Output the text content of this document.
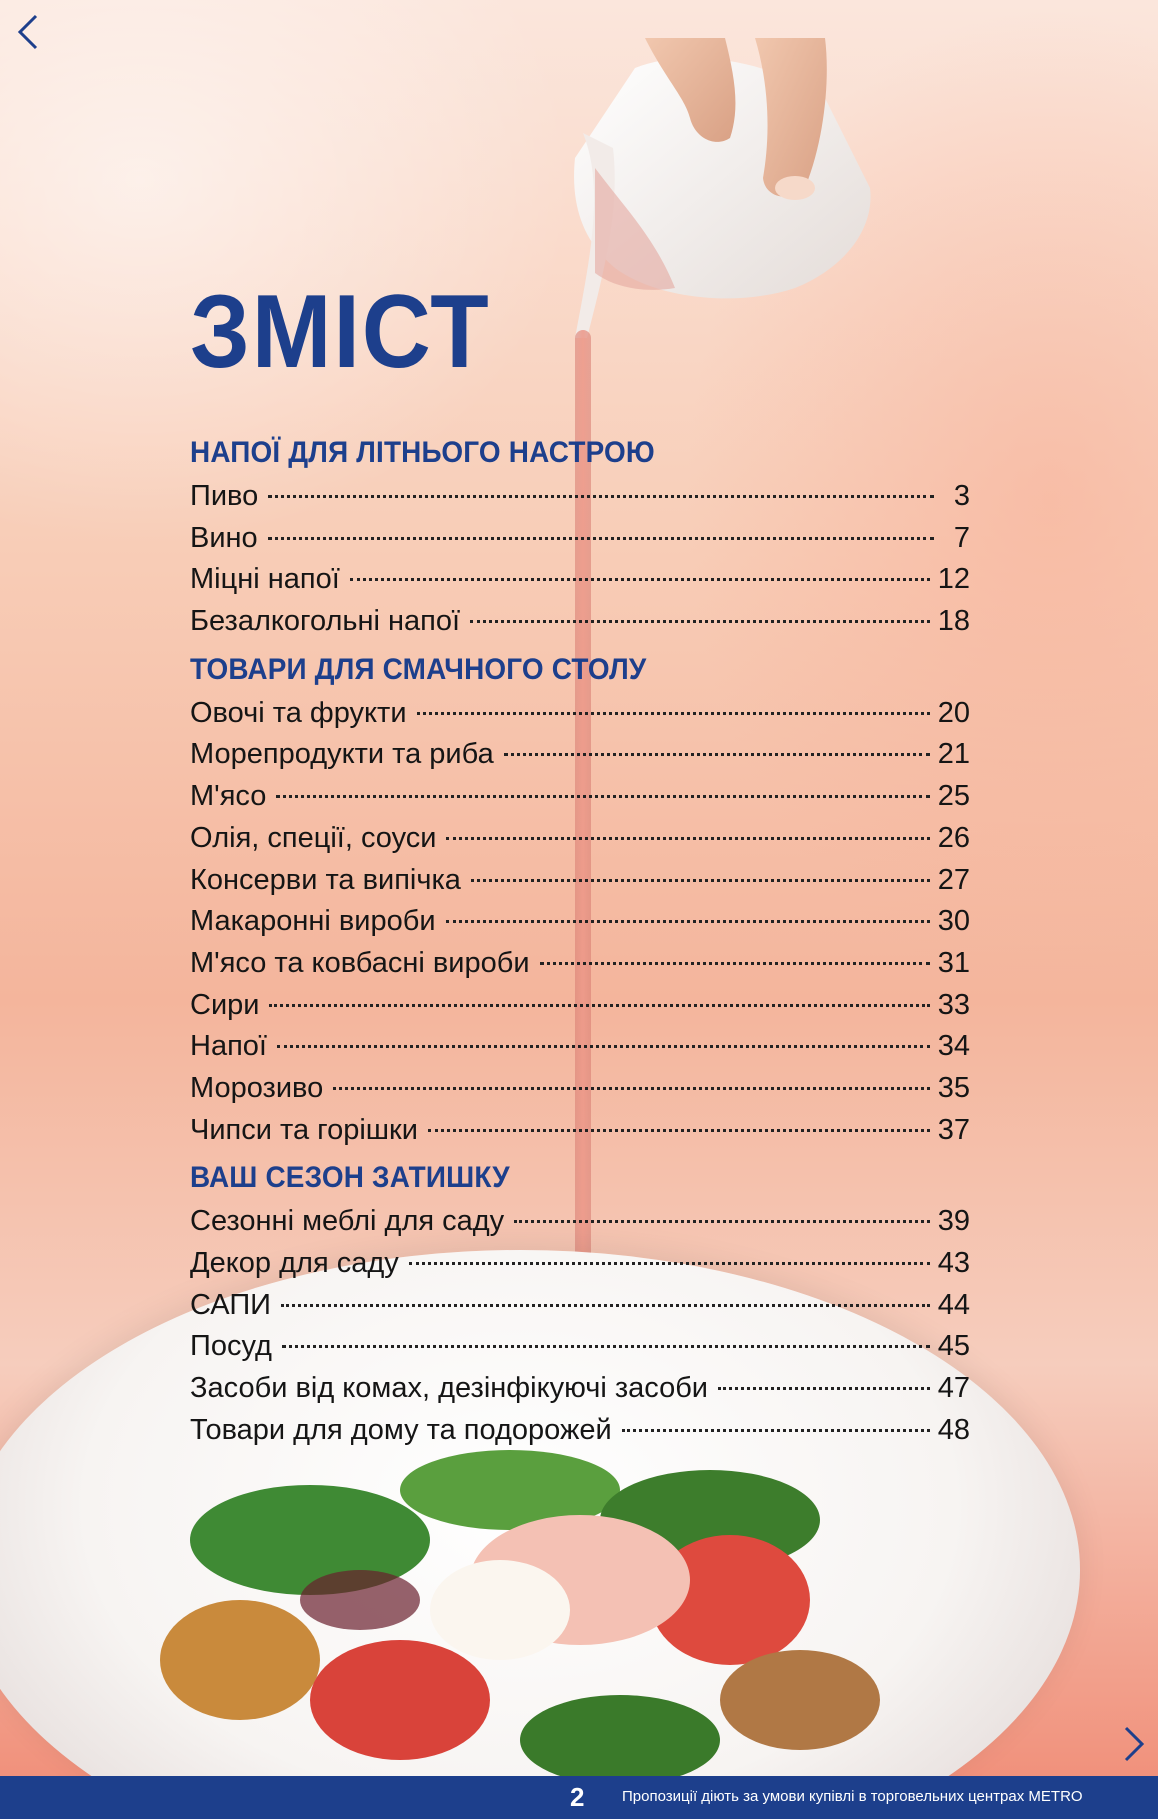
ЗМІСТ
НАПОЇ ДЛЯ ЛІТНЬОГО НАСТРОЮ
Пиво	3
Вино	7
Міцні напої	12
Безалкогольні напої	18
ТОВАРИ ДЛЯ СМАЧНОГО СТОЛУ
Овочі та фрукти	20
Морепродукти та риба	21
М'ясо	25
Олія, спеції, соуси	26
Консерви та випічка	27
Макаронні вироби	30
М'ясо та ковбасні вироби	31
Сири	33
Напої	34
Морозиво	35
Чипси та горішки	37
ВАШ СЕЗОН ЗАТИШКУ
Сезонні меблі для саду	39
Декор для саду	43
САПИ	44
Посуд	45
Засоби від комах, дезінфікуючі засоби	47
Товари для дому та подорожей	48
2	Пропозиції діють за умови купівлі в торговельних центрах METRO
